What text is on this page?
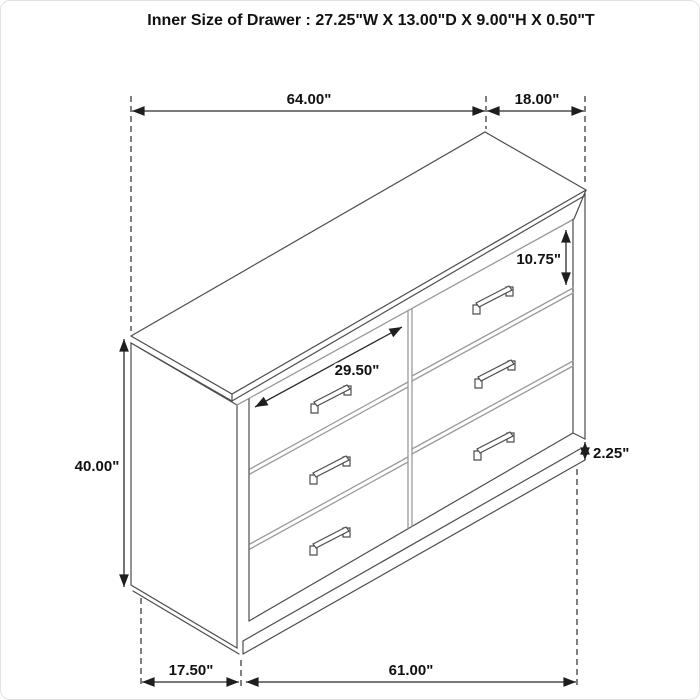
Inner Size of Drawer : 27.25"W X 13.00"D X 9.00"H X 0.50"T
64.00"	18.00"
40.00"
10.75"
2.25"
29.50"
17.50"	61.00"
